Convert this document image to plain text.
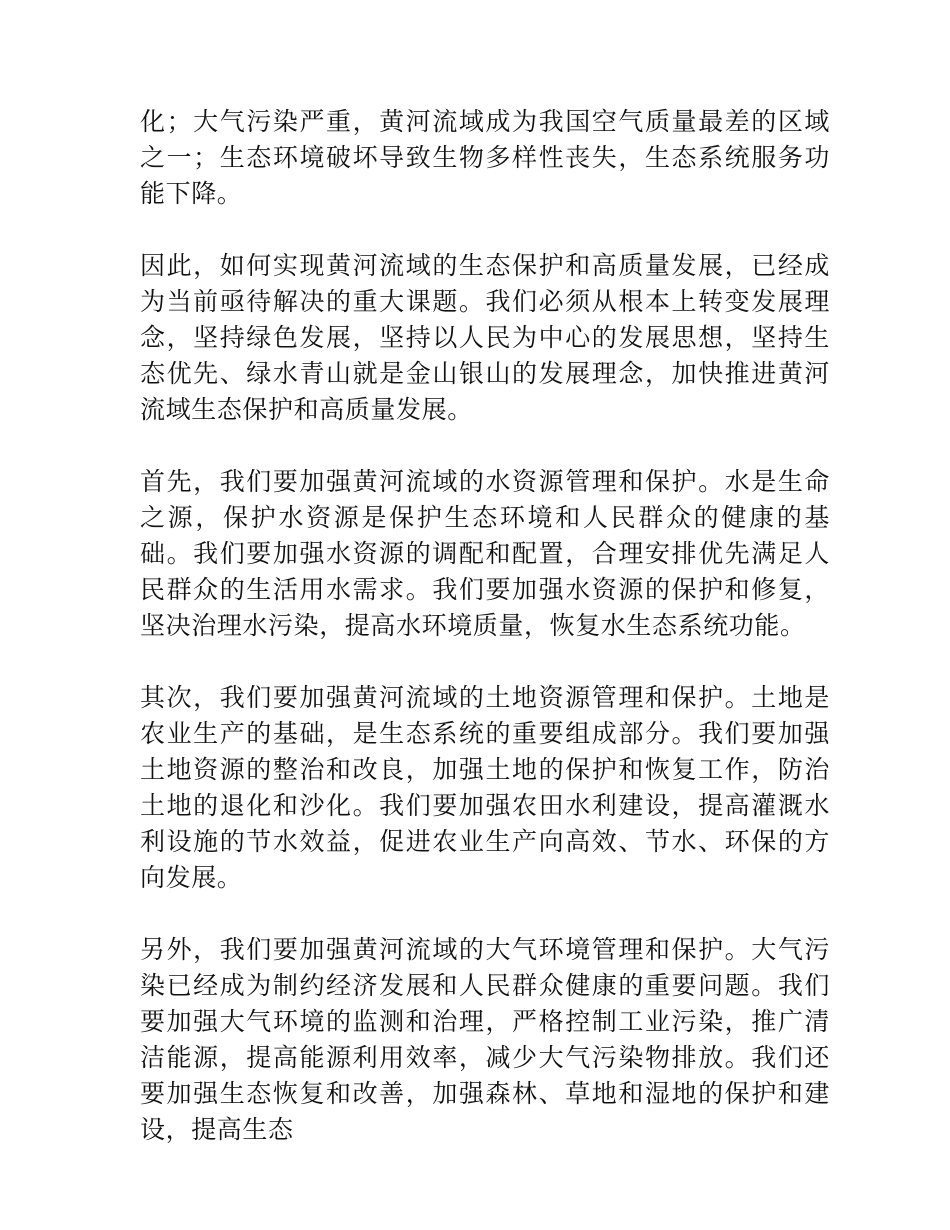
化；大气污染严重，黄河流域成为我国空气质量最差的区域之一；生态环境破坏导致生物多样性丧失，生态系统服务功能下降。

因此，如何实现黄河流域的生态保护和高质量发展，已经成为当前亟待解决的重大课题。我们必须从根本上转变发展理念，坚持绿色发展，坚持以人民为中心的发展思想，坚持生态优先、绿水青山就是金山银山的发展理念，加快推进黄河流域生态保护和高质量发展。

首先，我们要加强黄河流域的水资源管理和保护。水是生命之源，保护水资源是保护生态环境和人民群众的健康的基础。我们要加强水资源的调配和配置，合理安排优先满足人民群众的生活用水需求。我们要加强水资源的保护和修复，坚决治理水污染，提高水环境质量，恢复水生态系统功能。

其次，我们要加强黄河流域的土地资源管理和保护。土地是农业生产的基础，是生态系统的重要组成部分。我们要加强土地资源的整治和改良，加强土地的保护和恢复工作，防治土地的退化和沙化。我们要加强农田水利建设，提高灌溉水利设施的节水效益，促进农业生产向高效、节水、环保的方向发展。

另外，我们要加强黄河流域的大气环境管理和保护。大气污染已经成为制约经济发展和人民群众健康的重要问题。我们要加强大气环境的监测和治理，严格控制工业污染，推广清洁能源，提高能源利用效率，减少大气污染物排放。我们还要加强生态恢复和改善，加强森林、草地和湿地的保护和建设，提高生态
